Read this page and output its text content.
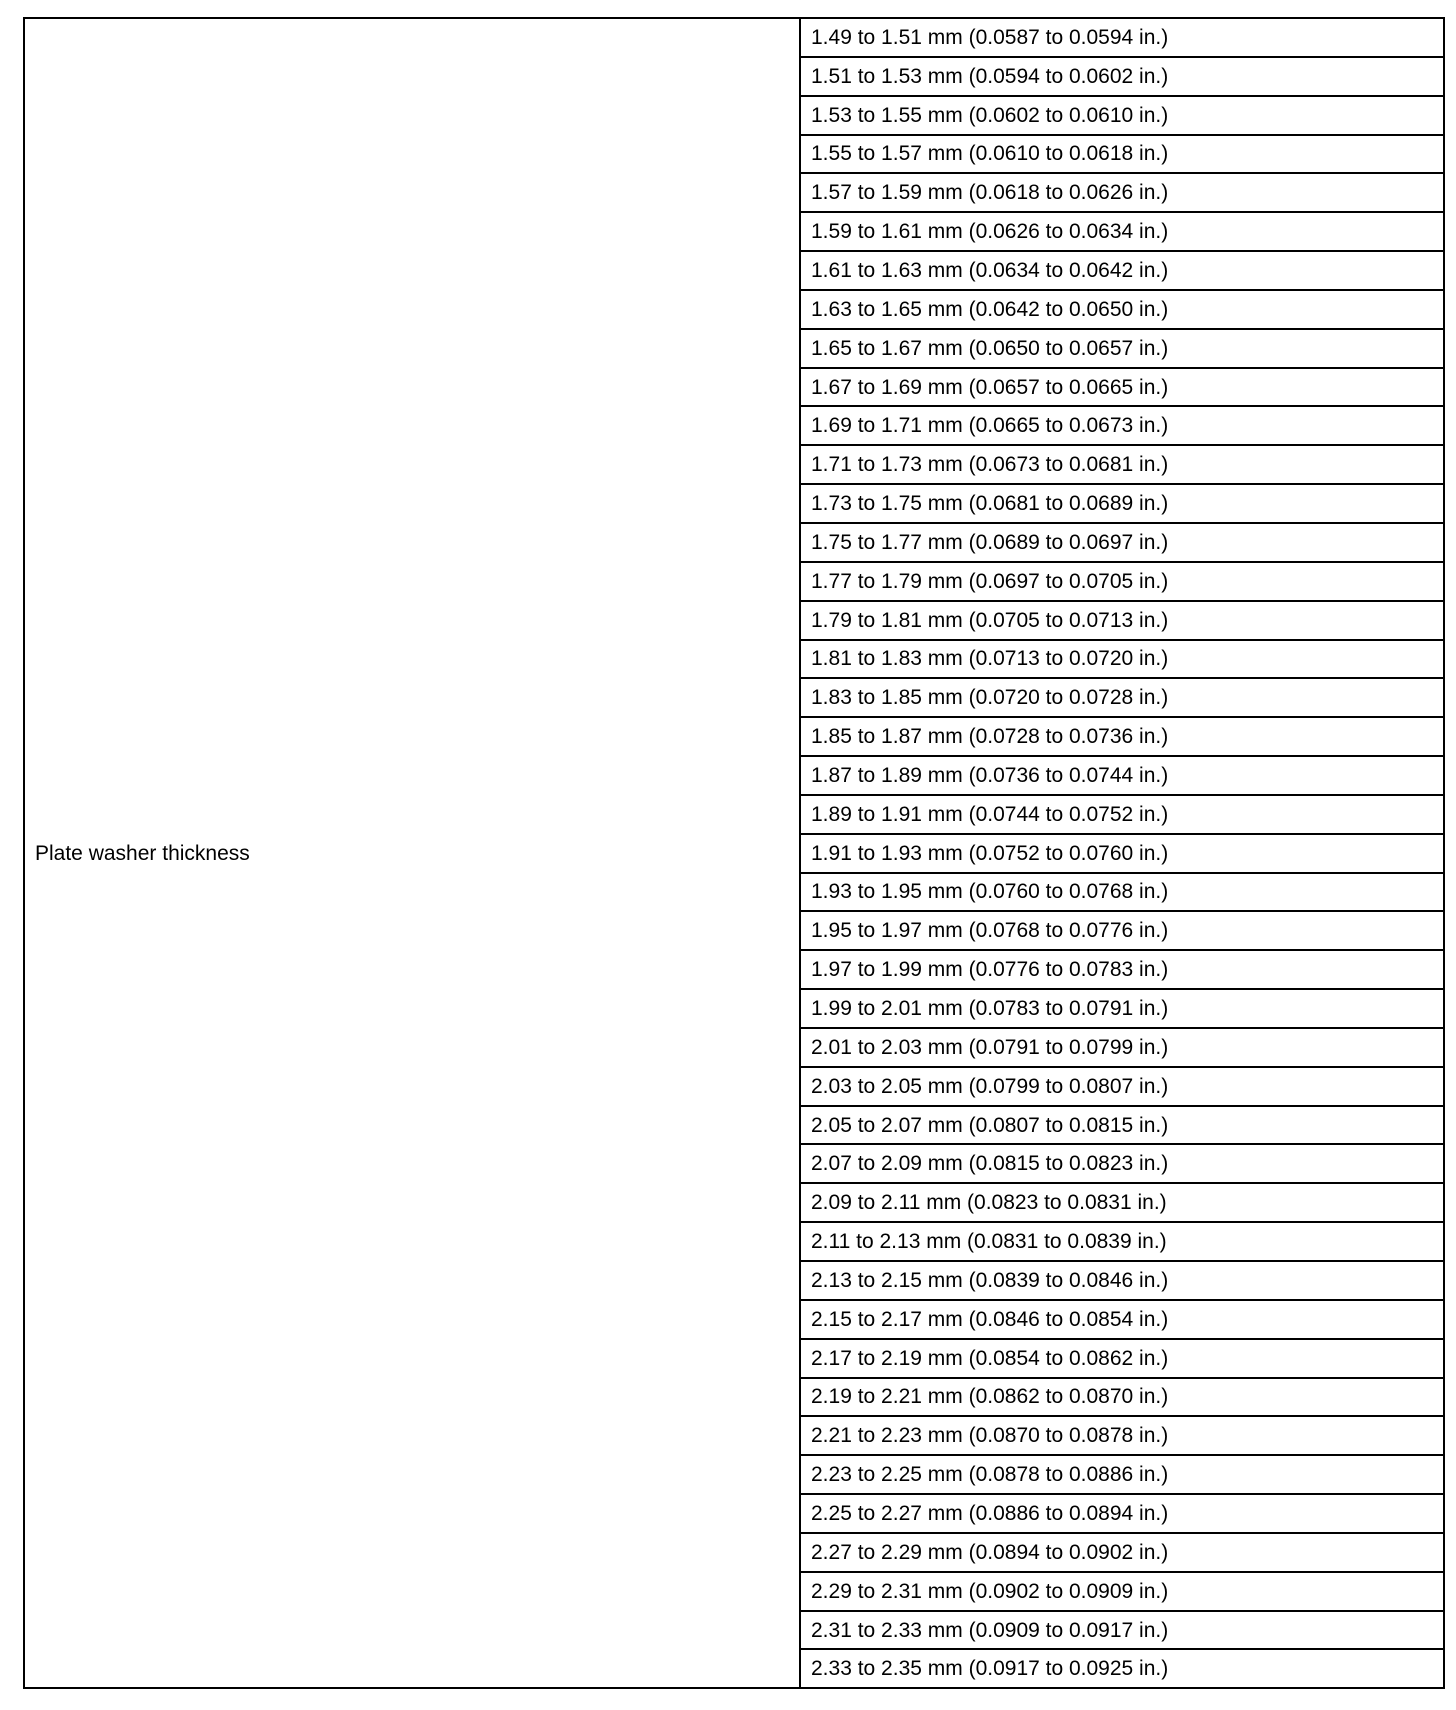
Plate washer thickness	1.49 to 1.51 mm (0.0587 to 0.0594 in.)
1.51 to 1.53 mm (0.0594 to 0.0602 in.)
1.53 to 1.55 mm (0.0602 to 0.0610 in.)
1.55 to 1.57 mm (0.0610 to 0.0618 in.)
1.57 to 1.59 mm (0.0618 to 0.0626 in.)
1.59 to 1.61 mm (0.0626 to 0.0634 in.)
1.61 to 1.63 mm (0.0634 to 0.0642 in.)
1.63 to 1.65 mm (0.0642 to 0.0650 in.)
1.65 to 1.67 mm (0.0650 to 0.0657 in.)
1.67 to 1.69 mm (0.0657 to 0.0665 in.)
1.69 to 1.71 mm (0.0665 to 0.0673 in.)
1.71 to 1.73 mm (0.0673 to 0.0681 in.)
1.73 to 1.75 mm (0.0681 to 0.0689 in.)
1.75 to 1.77 mm (0.0689 to 0.0697 in.)
1.77 to 1.79 mm (0.0697 to 0.0705 in.)
1.79 to 1.81 mm (0.0705 to 0.0713 in.)
1.81 to 1.83 mm (0.0713 to 0.0720 in.)
1.83 to 1.85 mm (0.0720 to 0.0728 in.)
1.85 to 1.87 mm (0.0728 to 0.0736 in.)
1.87 to 1.89 mm (0.0736 to 0.0744 in.)
1.89 to 1.91 mm (0.0744 to 0.0752 in.)
1.91 to 1.93 mm (0.0752 to 0.0760 in.)
1.93 to 1.95 mm (0.0760 to 0.0768 in.)
1.95 to 1.97 mm (0.0768 to 0.0776 in.)
1.97 to 1.99 mm (0.0776 to 0.0783 in.)
1.99 to 2.01 mm (0.0783 to 0.0791 in.)
2.01 to 2.03 mm (0.0791 to 0.0799 in.)
2.03 to 2.05 mm (0.0799 to 0.0807 in.)
2.05 to 2.07 mm (0.0807 to 0.0815 in.)
2.07 to 2.09 mm (0.0815 to 0.0823 in.)
2.09 to 2.11 mm (0.0823 to 0.0831 in.)
2.11 to 2.13 mm (0.0831 to 0.0839 in.)
2.13 to 2.15 mm (0.0839 to 0.0846 in.)
2.15 to 2.17 mm (0.0846 to 0.0854 in.)
2.17 to 2.19 mm (0.0854 to 0.0862 in.)
2.19 to 2.21 mm (0.0862 to 0.0870 in.)
2.21 to 2.23 mm (0.0870 to 0.0878 in.)
2.23 to 2.25 mm (0.0878 to 0.0886 in.)
2.25 to 2.27 mm (0.0886 to 0.0894 in.)
2.27 to 2.29 mm (0.0894 to 0.0902 in.)
2.29 to 2.31 mm (0.0902 to 0.0909 in.)
2.31 to 2.33 mm (0.0909 to 0.0917 in.)
2.33 to 2.35 mm (0.0917 to 0.0925 in.)
